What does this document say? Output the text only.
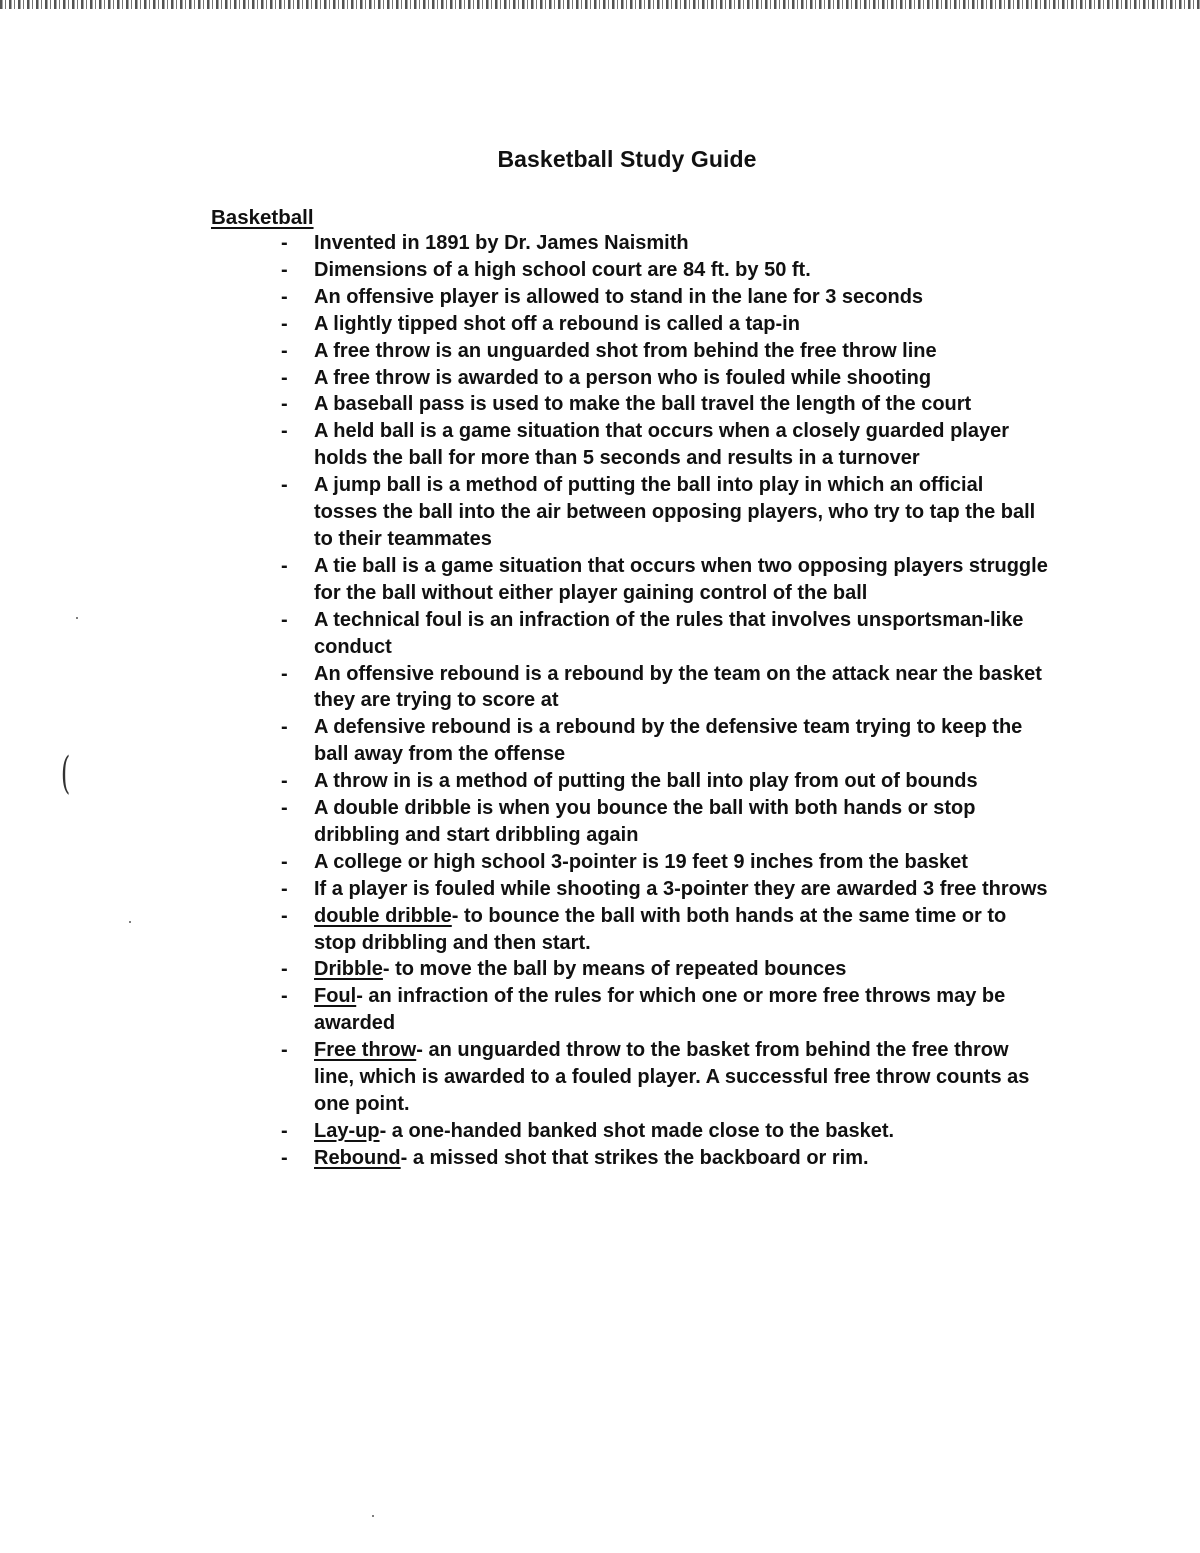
Basketball Study Guide
Basketball
- Invented in 1891 by Dr. James Naismith
- Dimensions of a high school court are 84 ft. by 50 ft.
- An offensive player is allowed to stand in the lane for 3 seconds
- A lightly tipped shot off a rebound is called a tap-in
- A free throw is an unguarded shot from behind the free throw line
- A free throw is awarded to a person who is fouled while shooting
- A baseball pass is used to make the ball travel the length of the court
- A held ball is a game situation that occurs when a closely guarded player holds the ball for more than 5 seconds and results in a turnover
- A jump ball is a method of putting the ball into play in which an official tosses the ball into the air between opposing players, who try to tap the ball to their teammates
- A tie ball is a game situation that occurs when two opposing players struggle for the ball without either player gaining control of the ball
- A technical foul is an infraction of the rules that involves unsportsman-like conduct
- An offensive rebound is a rebound by the team on the attack near the basket they are trying to score at
- A defensive rebound is a rebound by the defensive team trying to keep the ball away from the offense
- A throw in is a method of putting the ball into play from out of bounds
- A double dribble is when you bounce the ball with both hands or stop dribbling and start dribbling again
- A college or high school 3-pointer is 19 feet 9 inches from the basket
- If a player is fouled while shooting a 3-pointer they are awarded 3 free throws
- double dribble- to bounce the ball with both hands at the same time or to stop dribbling and then start.
- Dribble- to move the ball by means of repeated bounces
- Foul- an infraction of the rules for which one or more free throws may be awarded
- Free throw- an unguarded throw to the basket from behind the free throw line, which is awarded to a fouled player. A successful free throw counts as one point.
- Lay-up- a one-handed banked shot made close to the basket.
- Rebound- a missed shot that strikes the backboard or rim.
(
